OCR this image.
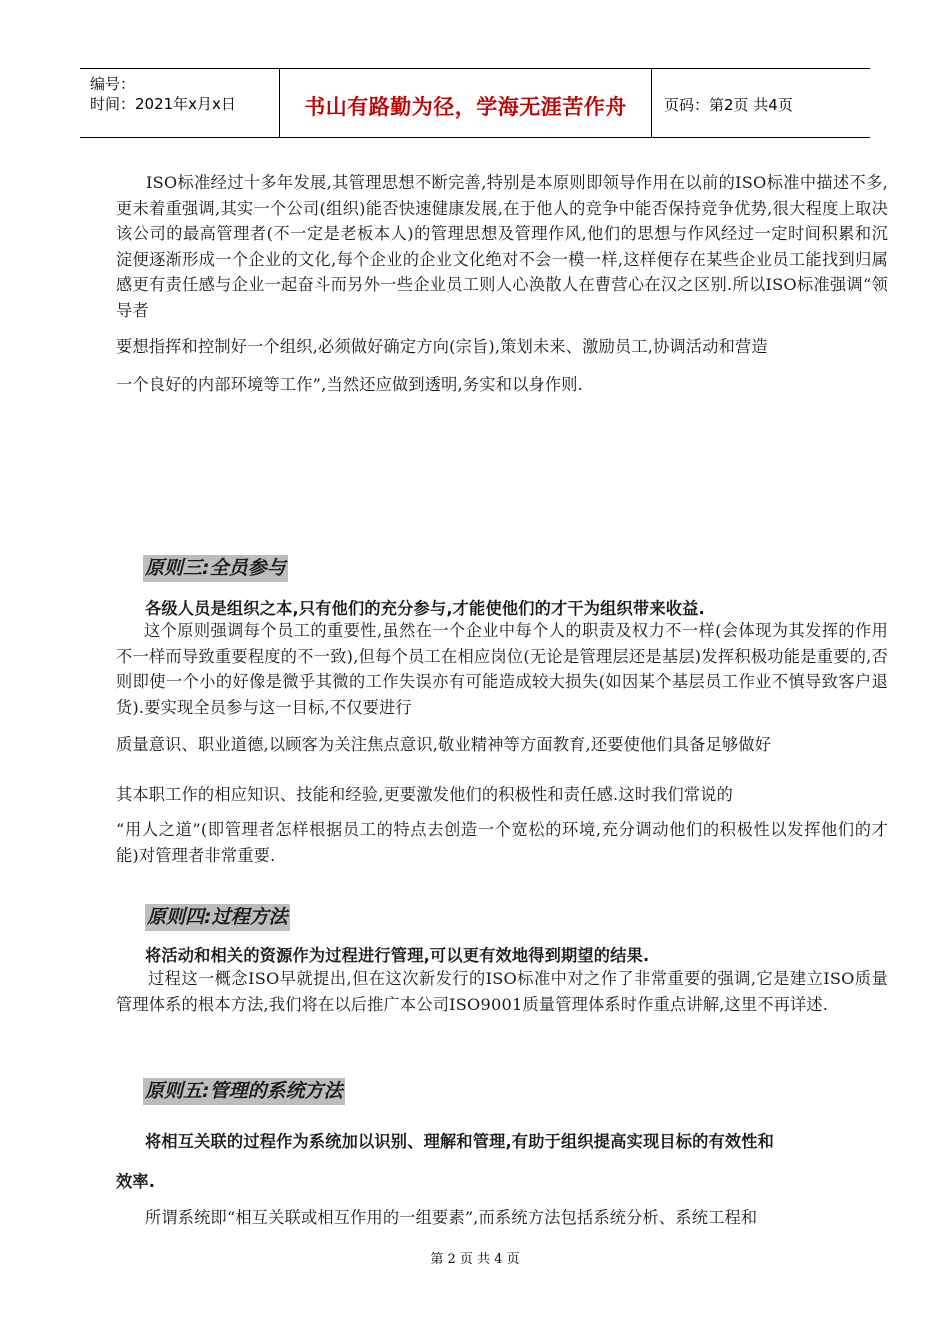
编号：
时间：2021年x月x日	书山有路勤为径，学海无涯苦作舟	页码：第2页 共4页
ISO标准经过十多年发展,其管理思想不断完善,特别是本原则即领导作用在以前的ISO标准中描述不多,更未着重强调,其实一个公司(组织)能否快速健康发展,在于他人的竞争中能否保持竞争优势,很大程度上取决该公司的最高管理者(不一定是老板本人)的管理思想及管理作风,他们的思想与作风经过一定时间积累和沉淀便逐渐形成一个企业的文化,每个企业的企业文化绝对不会一模一样,这样便存在某些企业员工能找到归属感更有责任感与企业一起奋斗而另外一些企业员工则人心涣散人在曹营心在汉之区别.所以ISO标准强调“领导者
要想指挥和控制好一个组织,必须做好确定方向(宗旨),策划未来、激励员工,协调活动和营造
一个良好的内部环境等工作”,当然还应做到透明,务实和以身作则.
原则三:全员参与
各级人员是组织之本,只有他们的充分参与,才能使他们的才干为组织带来收益.
这个原则强调每个员工的重要性,虽然在一个企业中每个人的职责及权力不一样(会体现为其发挥的作用不一样而导致重要程度的不一致),但每个员工在相应岗位(无论是管理层还是基层)发挥积极功能是重要的,否则即使一个小的好像是微乎其微的工作失误亦有可能造成较大损失(如因某个基层员工作业不慎导致客户退货).要实现全员参与这一目标,不仅要进行
质量意识、职业道德,以顾客为关注焦点意识,敬业精神等方面教育,还要使他们具备足够做好
其本职工作的相应知识、技能和经验,更要激发他们的积极性和责任感.这时我们常说的
“用人之道”(即管理者怎样根据员工的特点去创造一个宽松的环境,充分调动他们的积极性以发挥他们的才能)对管理者非常重要.
原则四:过程方法
将活动和相关的资源作为过程进行管理,可以更有效地得到期望的结果.
过程这一概念ISO早就提出,但在这次新发行的ISO标准中对之作了非常重要的强调,它是建立ISO质量管理体系的根本方法,我们将在以后推广本公司ISO9001质量管理体系时作重点讲解,这里不再详述.
原则五:管理的系统方法
将相互关联的过程作为系统加以识别、理解和管理,有助于组织提高实现目标的有效性和
效率.
所谓系统即“相互关联或相互作用的一组要素”,而系统方法包括系统分析、系统工程和
第 2 页 共 4 页
